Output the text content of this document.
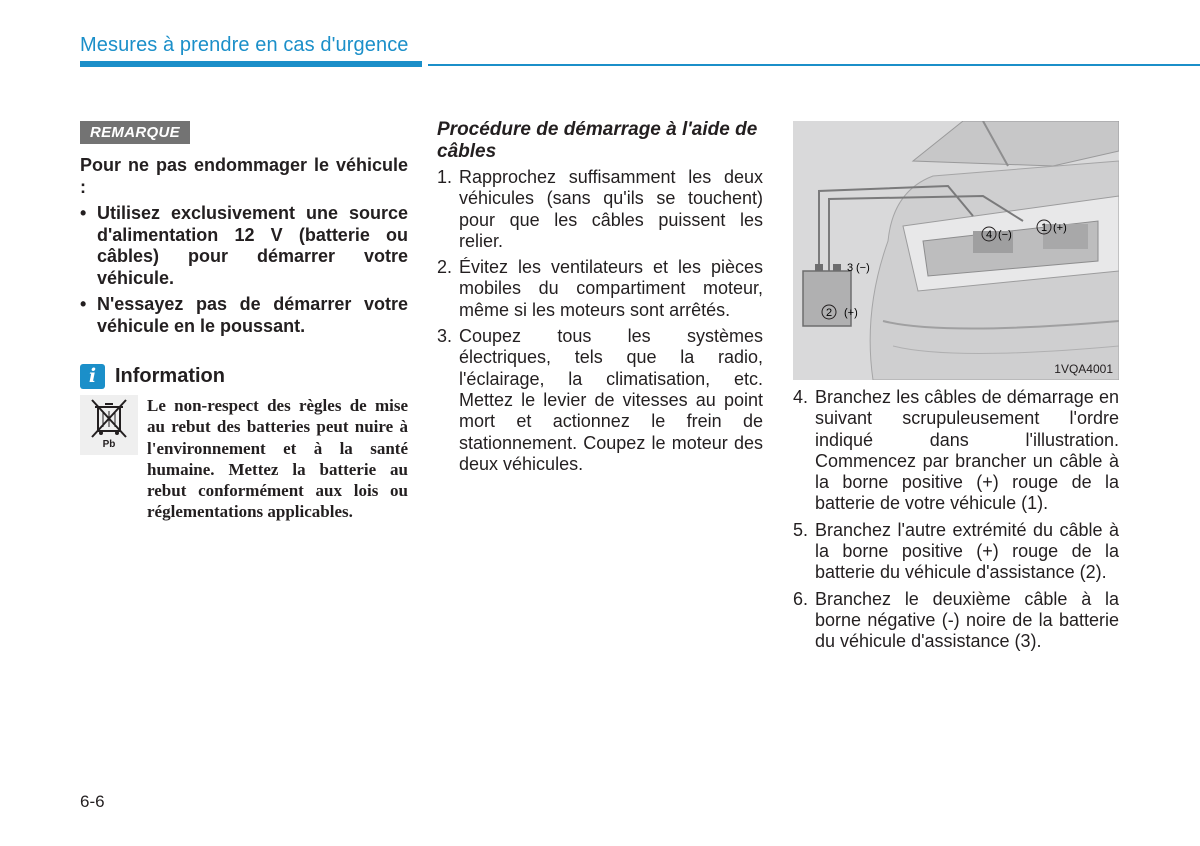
Mesures à prendre en cas d'urgence
REMARQUE

Pour ne pas endommager le véhicule :

• Utilisez exclusivement une source d'alimentation 12 V (batterie ou câbles) pour démarrer votre véhicule.
• N'essayez pas de démarrer votre véhicule en le poussant.
i Information
Pb
Le non-respect des règles de mise au rebut des batteries peut nuire à l'environnement et à la santé humaine. Mettez la batterie au rebut conformément aux lois ou réglementations applicables.
Procédure de démarrage à l'aide de câbles
1. Rapprochez suffisamment les deux véhicules (sans qu'ils se touchent) pour que les câbles puissent les relier.
2. Évitez les ventilateurs et les pièces mobiles du compartiment moteur, même si les moteurs sont arrêtés.
3. Coupez tous les systèmes électriques, tels que la radio, l'éclairage, la climatisation, etc. Mettez le levier de vitesses au point mort et actionnez le frein de stationnement. Coupez le moteur des deux véhicules.
2 (+)
3 (−)
4 (−)
1 (+)
1VQA4001
4. Branchez les câbles de démarrage en suivant scrupuleusement l'ordre indiqué dans l'illustration. Commencez par brancher un câble à la borne positive (+) rouge de la batterie de votre véhicule (1).
5. Branchez l'autre extrémité du câble à la borne positive (+) rouge de la batterie du véhicule d'assistance (2).
6. Branchez le deuxième câble à la borne négative (-) noire de la batterie du véhicule d'assistance (3).
6-6
